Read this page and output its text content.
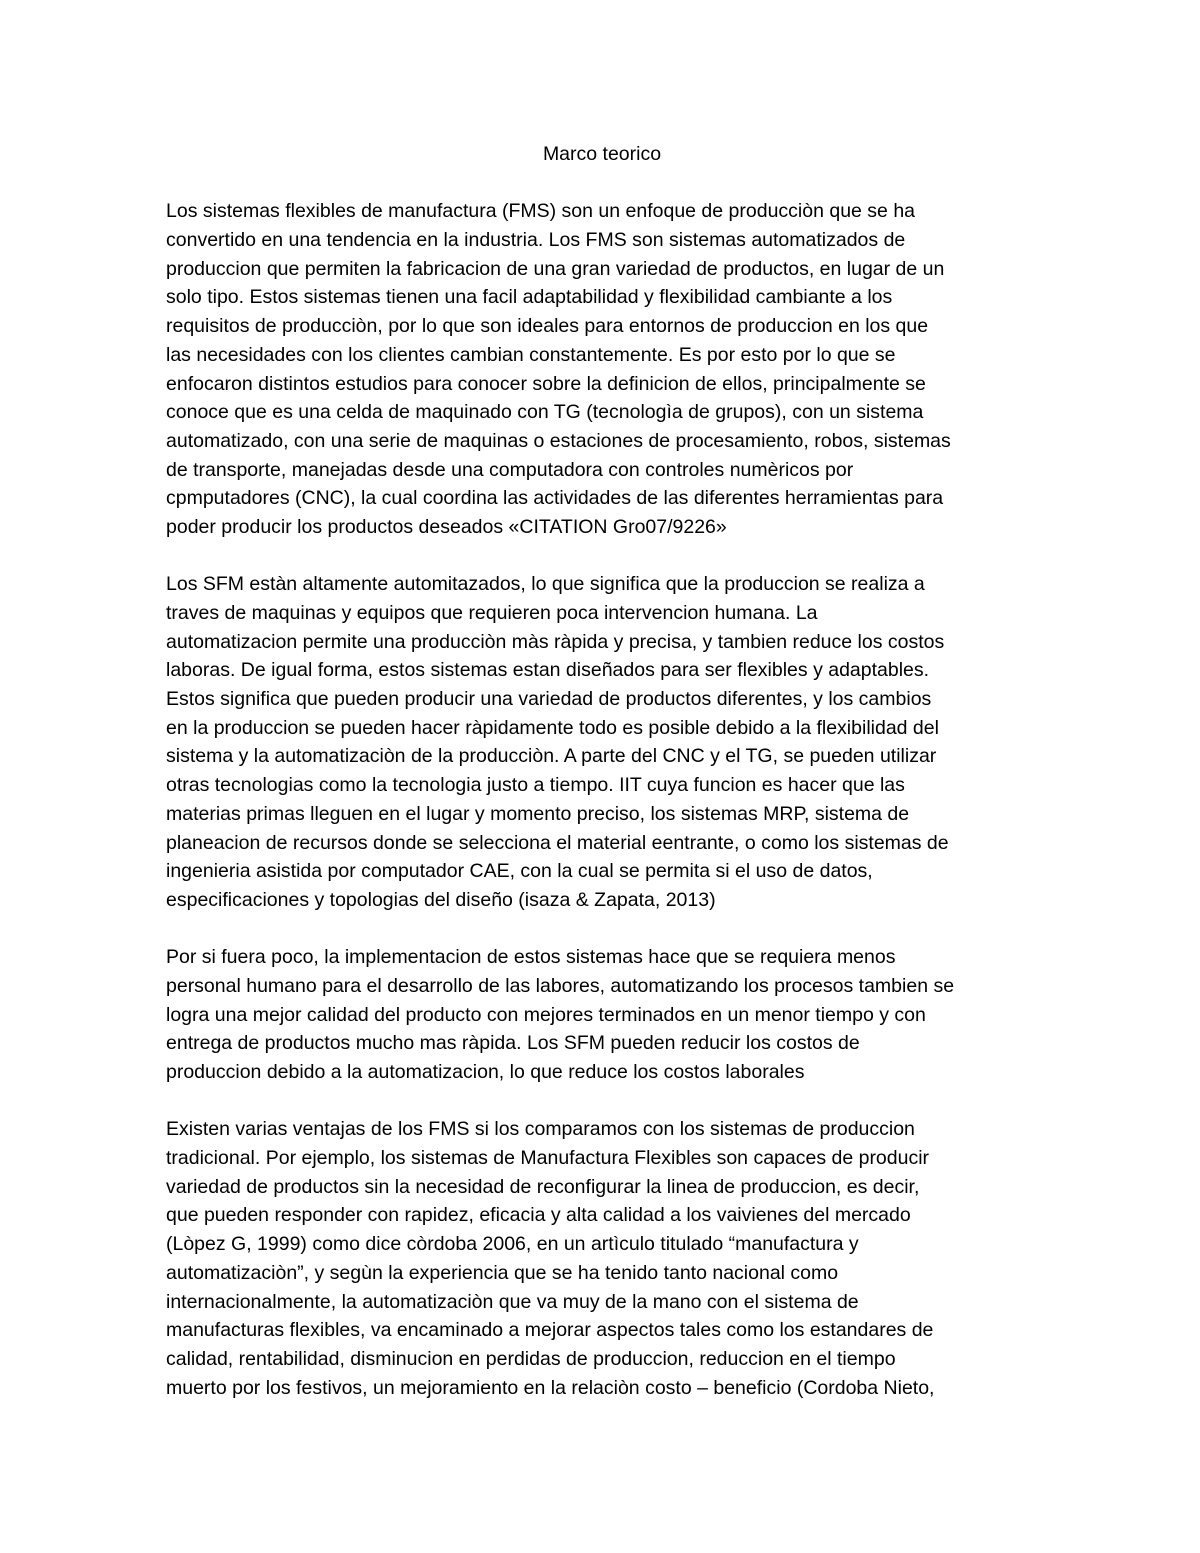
Marco teorico
Los sistemas flexibles de manufactura (FMS) son un enfoque de producciòn que se ha
convertido en una tendencia en la industria. Los FMS son sistemas automatizados de
produccion que permiten la fabricacion de una gran variedad de productos, en lugar de un
solo tipo. Estos sistemas tienen una facil adaptabilidad y flexibilidad cambiante a los
requisitos de producciòn, por lo que son ideales para entornos de produccion en los que
las necesidades con los clientes cambian constantemente. Es por esto por lo que se
enfocaron distintos estudios para conocer sobre la definicion de ellos, principalmente se
conoce que es una celda de maquinado con TG (tecnologìa de grupos), con un sistema
automatizado, con una serie de maquinas o estaciones de procesamiento, robos, sistemas
de transporte, manejadas desde una computadora con controles numèricos por
cpmputadores (CNC), la cual coordina las actividades de las diferentes herramientas para
poder producir los productos deseados «CITATION Gro07/9226»
Los SFM estàn altamente automitazados, lo que significa que la produccion se realiza a
traves de maquinas y equipos que requieren poca intervencion humana. La
automatizacion permite una producciòn màs ràpida y precisa, y tambien reduce los costos
laboras. De igual forma, estos sistemas estan diseñados para ser flexibles y adaptables.
Estos significa que pueden producir una variedad de productos diferentes, y los cambios
en la produccion se pueden hacer ràpidamente todo es posible debido a la flexibilidad del
sistema y la automatizaciòn de la producciòn. A parte del CNC y el TG, se pueden utilizar
otras tecnologias como la tecnologia justo a tiempo. IIT cuya funcion es hacer que las
materias primas lleguen en el lugar y momento preciso, los sistemas MRP, sistema de
planeacion de recursos donde se selecciona el material eentrante, o como los sistemas de
ingenieria asistida por computador CAE, con la cual se permita si el uso de datos,
especificaciones y topologias del diseño (isaza & Zapata, 2013)
Por si fuera poco, la implementacion de estos sistemas hace que se requiera menos
personal humano para el desarrollo de las labores, automatizando los procesos tambien se
logra una mejor calidad del producto con mejores terminados en un menor tiempo y con
entrega de productos mucho mas ràpida. Los SFM pueden reducir los costos de
produccion debido a la automatizacion, lo que reduce los costos laborales
Existen varias ventajas de los FMS si los comparamos con los sistemas de produccion
tradicional. Por ejemplo, los sistemas de Manufactura Flexibles son capaces de producir
variedad de productos sin la necesidad de reconfigurar la linea de produccion, es decir,
que pueden responder con rapidez, eficacia y alta calidad a los vaivienes del mercado
(Lòpez G, 1999) como dice còrdoba 2006, en un artìculo titulado “manufactura y
automatizaciòn”, y segùn la experiencia que se ha tenido tanto nacional como
internacionalmente, la automatizaciòn que va muy de la mano con el sistema de
manufacturas flexibles, va encaminado a mejorar aspectos tales como los estandares de
calidad, rentabilidad, disminucion en perdidas de produccion, reduccion en el tiempo
muerto por los festivos, un mejoramiento en la relaciòn costo – beneficio (Cordoba Nieto,
